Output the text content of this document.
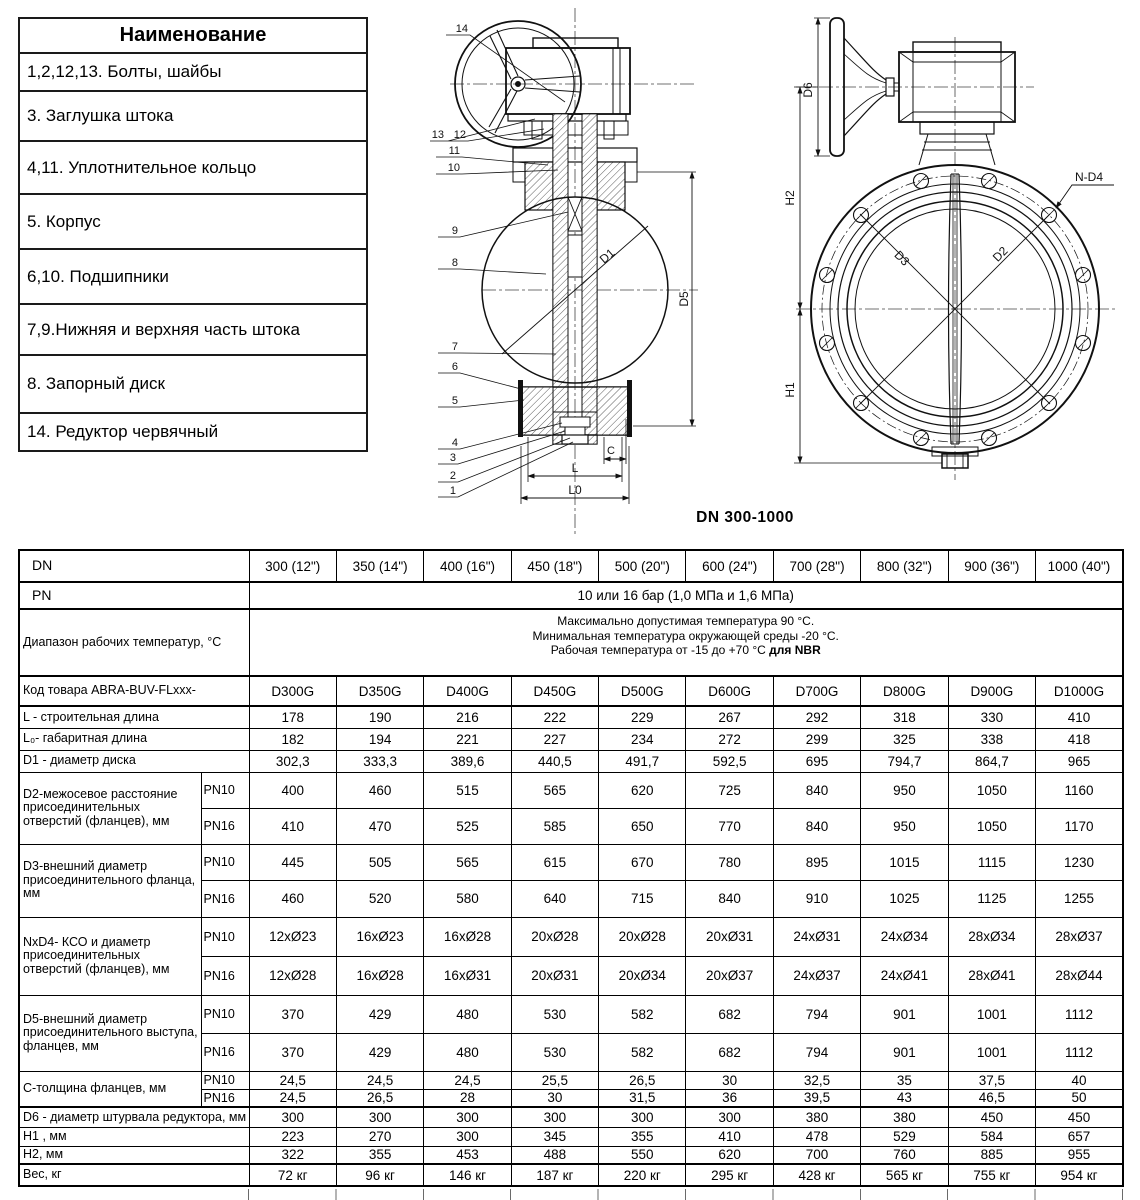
Наименование
1,2,12,13. Болты, шайбы
3. Заглушка штока
4,11. Уплотнительное кольцо
5. Корпус
6,10. Подшипники
7,9.Нижняя и верхняя часть штока
8. Запорный диск
14. Редуктор червячный
D1
D5
C
L
L0
14
13 12
11
10
9
8
7
6
5
4
3
2
1
D6
D3	D2
N-D4
H2
H1
DN 300-1000
DN		300 (12")	350 (14")	400 (16")	450 (18")	500 (20")	600 (24")	700 (28")	800 (32")	900 (36")	1000 (40")
PN		10 или 16 бар (1,0 МПа и 1,6 МПа)									
Диапазон рабочих температур, °С		Максимально допустимая температура 90 °С.
Минимальная температура окружающей среды -20 °С.
Рабочая температура от -15 до +70 °С для NBR									

Код товара ABRA-BUV-FLxxx-		D300G	D350G	D400G	D450G	D500G	D600G	D700G	D800G	D900G	D1000G
L - строительная длина		178	190	216	222	229	267	292	318	330	410
L₀- габаритная длина		182	194	221	227	234	272	299	325	338	418
D1 - диаметр диска		302,3	333,3	389,6	440,5	491,7	592,5	695	794,7	864,7	965
D2-межосевое расстояние присоединительных отверстий (фланцев), мм	PN10	400	460	515	565	620	725	840	950	1050	1160
	PN16	410	470	525	585	650	770	840	950	1050	1170
D3-внешний диаметр присоединительного фланца, мм	PN10	445	505	565	615	670	780	895	1015	1115	1230
	PN16	460	520	580	640	715	840	910	1025	1125	1255
NxD4- КСО и диаметр присоединительных отверстий (фланцев), мм	PN10	12xØ23	16xØ23	16xØ28	20xØ28	20xØ28	20xØ31	24xØ31	24xØ34	28xØ34	28xØ37
	PN16	12xØ28	16xØ28	16xØ31	20xØ31	20xØ34	20xØ37	24xØ37	24xØ41	28xØ41	28xØ44
D5-внешний диаметр присоединительного выступа, фланцев, мм	PN10	370	429	480	530	582	682	794	901	1001	1112
	PN16	370	429	480	530	582	682	794	901	1001	1112
С-толщина фланцев, мм	PN10	24,5	24,5	24,5	25,5	26,5	30	32,5	35	37,5	40
	PN16	24,5	26,5	28	30	31,5	36	39,5	43	46,5	50
D6 - диаметр штурвала редуктора, мм		300	300	300	300	300	300	380	380	450	450
H1 , мм		223	270	300	345	355	410	478	529	584	657
H2, мм		322	355	453	488	550	620	700	760	885	955
Вес, кг		72 кг	96 кг	146 кг	187 кг	220 кг	295 кг	428 кг	565 кг	755 кг	954 кг
